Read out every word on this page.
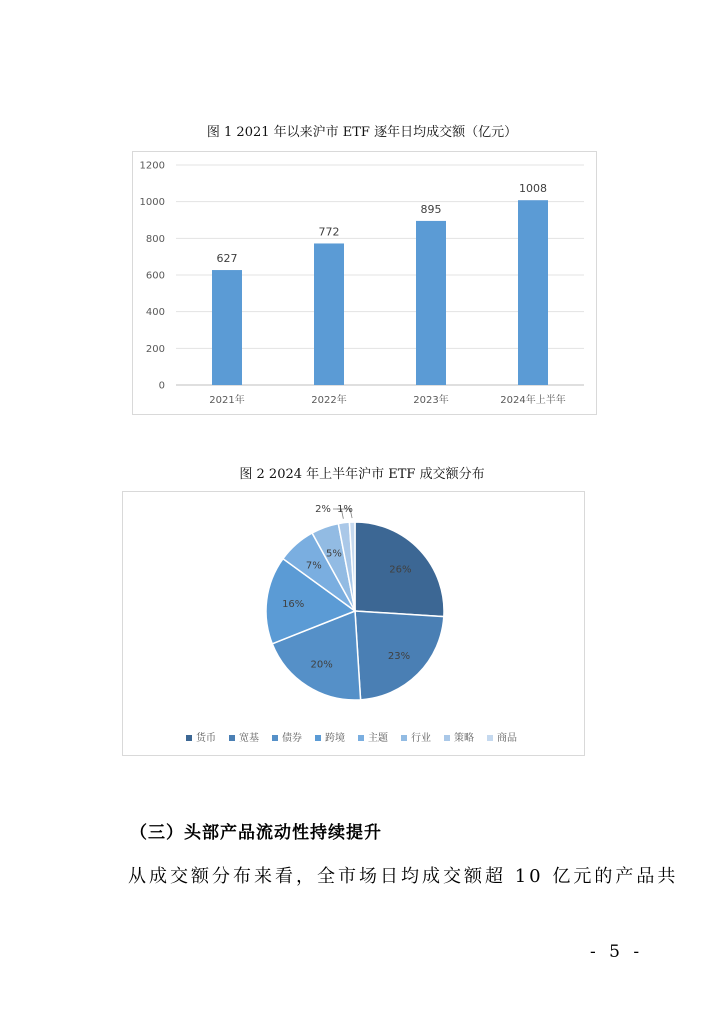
图 1 2021 年以来沪市 ETF 逐年日均成交额（亿元）
0
200
400
600
800
1000
1200
627
2021年
772
2022年
895
2023年
1008
2024年上半年
图 2 2024 年上半年沪市 ETF 成交额分布
26%
23%
20%
16%
7%
5%
2% 1%
货币 宽基 债券 跨境 主题 行业 策略 商品
（三）头部产品流动性持续提升
从成交额分布来看，全市场日均成交额超 10 亿元的产品共
- 5 -
